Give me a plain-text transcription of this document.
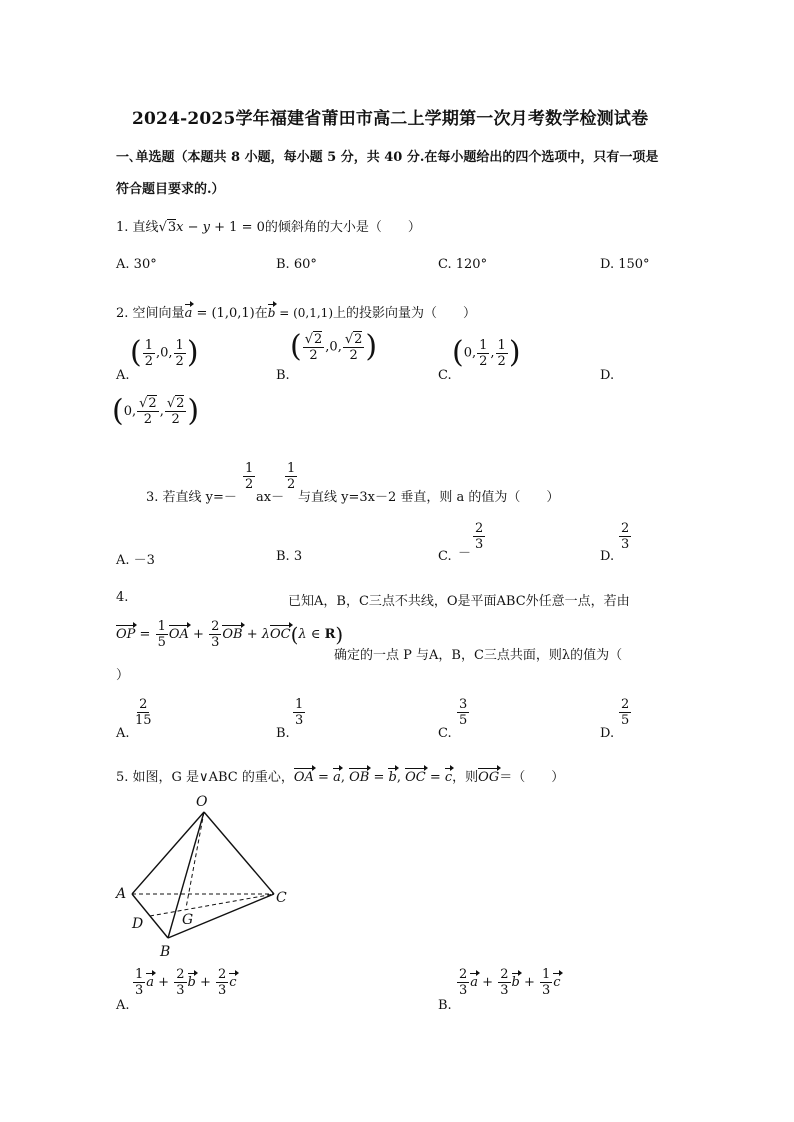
2024-2025学年福建省莆田市高二上学期第一次月考数学检测试卷
一､单选题（本题共 8 小题，每小题 5 分，共 40 分.在每小题给出的四个选项中，只有一项是
符合题目要求的.）
1. 直线√3x − y + 1 = 0的倾斜角的大小是（　　）
A. 30°	B. 60°	C. 120°	D. 150°
2. 空间向量a = (1,0,1)在b = (0,1,1)上的投影向量为（　　）
A.
( $\frac{1}{2} ,0$, $\frac{1}{2}$ )
B.
( $\frac{√2}{2} ,0$, $\frac{√2}{2}$ )
C.
(0, $\frac{1}{2}$ , $\frac{1}{2}$ )
D.
(0, $\frac{√2}{2}$ , $\frac{√2}{2}$ )
3. 若直线 y=－
$\frac{1}{2}$
ax－
$\frac{1}{2}$
与直线 y=3x－2 垂直，则 a 的值为（　　）
A. －3	B. 3	C. －
$\frac{2}{3}$
D.
$\frac{2}{3}$
4.	已知A，B，C三点不共线，O是平面ABC外任意一点，若由
OP = $\frac{1}{5}$ OA + $\frac{2}{3}$ OB + λOC(λ ∈ R)
确定的一点 P 与A，B，C三点共面，则λ的值为（
）
A.
$\frac{2}{15}$
B.
$\frac{1}{3}$
C.
$\frac{3}{5}$
D.
$\frac{2}{5}$
5. 如图，G 是∨ABC 的重心，OA = a, OB = b, OC = c，则OG＝（　　）
O
A	C
D	G
B
A.
$\frac{1}{3}$ $a + \frac{2}{3}$ $b + \frac{2}{3}$ c
B.
$\frac{2}{3}$ $a + \frac{2}{3}$ $b + \frac{1}{3}$ c
